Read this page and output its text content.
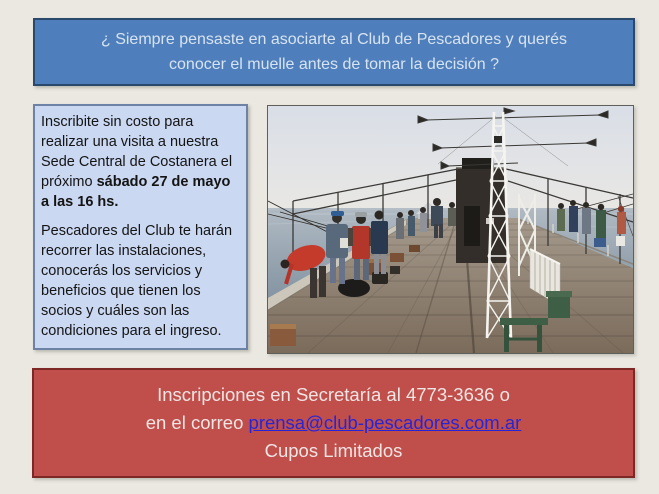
¿ Siempre pensaste en asociarte al Club de Pescadores y querés conocer el muelle antes de tomar la decisión ?

Inscribite sin costo para realizar una visita a nuestra Sede Central de Costanera el próximo sábado 27 de mayo a las 16 hs.

Pescadores del Club te harán recorrer las instalaciones, conocerás los servicios y beneficios que tienen los socios y cuáles son las condiciones para el ingreso.

Inscripciones en Secretaría al 4773-3636 o
en el correo prensa@club-pescadores.com.ar
Cupos Limitados
